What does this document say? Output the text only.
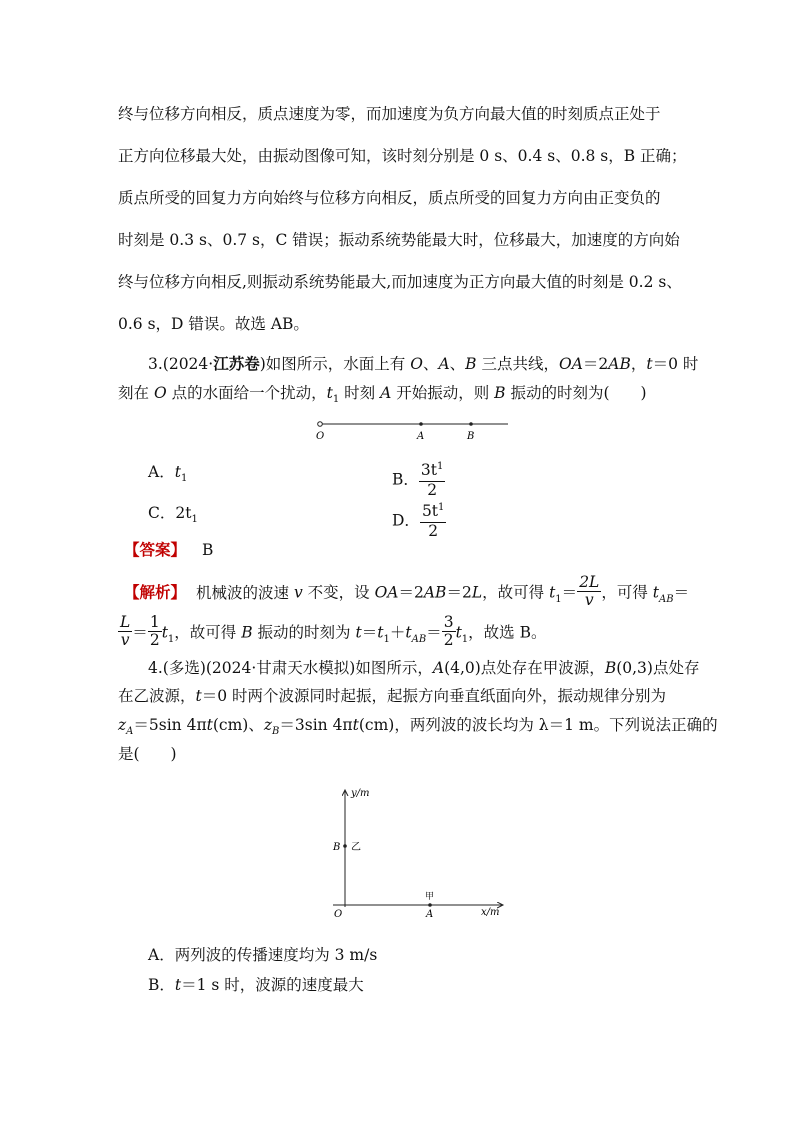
终与位移方向相反，质点速度为零，而加速度为负方向最大值的时刻质点正处于
正方向位移最大处，由振动图像可知，该时刻分别是 0 s、0.4 s、0.8 s，B 正确；
质点所受的回复力方向始终与位移方向相反，质点所受的回复力方向由正变负的
时刻是 0.3 s、0.7 s，C 错误；振动系统势能最大时，位移最大，加速度的方向始
终与位移方向相反,则振动系统势能最大,而加速度为正方向最大值的时刻是 0.2 s、
0.6 s，D 错误。故选 AB。
3.(2024·江苏卷)如图所示，水面上有 O、A、B 三点共线，OA＝2AB，t＝0 时
刻在 O 点的水面给一个扰动，$t_1$ 时刻 A 开始振动，则 B 振动的时刻为(　　)
O	A	B
A．$t_1$	B． $\frac{3t^1}{2}$
C．$2t_1$	D． $\frac{5t^1}{2}$
【答案】 B
【解析】 机械波的波速 v 不变，设 OA＝2AB＝2L，故可得 $t_1= \frac{2L}{v}$ ，可得 $t_{AB}=$
$\frac{L}{v} = \frac{1}{2} t_1$，故可得 B 振动的时刻为 $t=t_1+t_{AB}= \frac{3}{2} t_1$，故选 B。
4.(多选)(2024·甘肃天水模拟)如图所示，A(4,0)点处存在甲波源，B(0,3)点处存
在乙波源，t＝0 时两个波源同时起振，起振方向垂直纸面向外，振动规律分别为
$z_A=5\sin$ 4πt(cm)、$z_B=3\sin$ 4πt(cm)，两列波的波长均为 λ＝1 m。下列说法正确的
是(　　)
y/m
x/m
B 乙
甲
A
O
A．两列波的传播速度均为 3 m/s
B．t＝1 s 时，波源的速度最大
